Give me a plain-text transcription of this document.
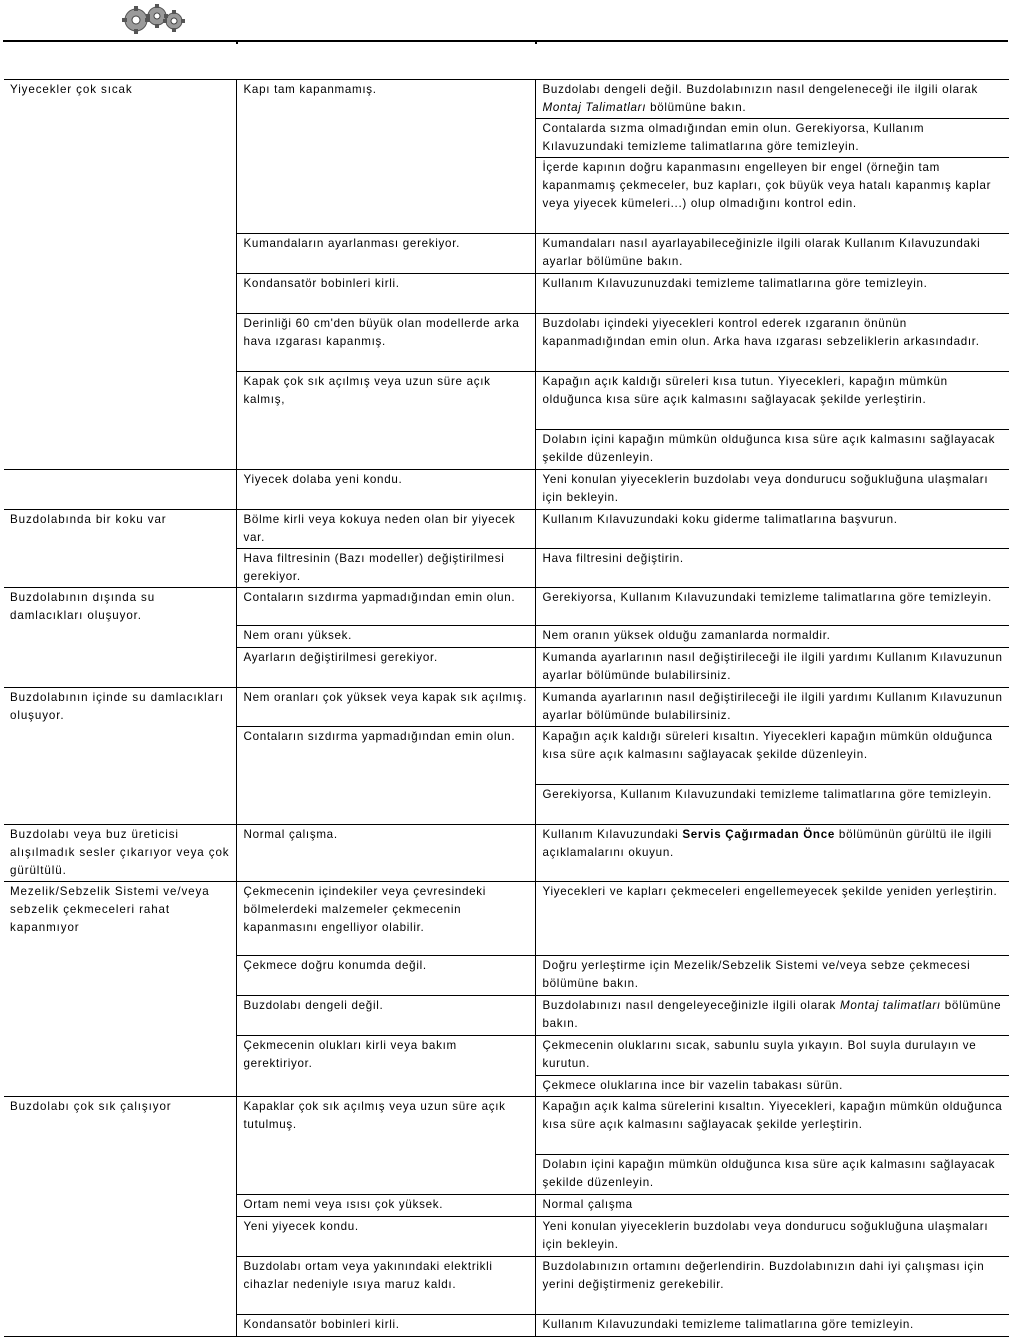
Yiyecekler çok sıcak	Kapı tam kapanmamış.	Buzdolabı dengeli değil. Buzdolabınızın nasıl dengeleneceği ile ilgili olarak Montaj Talimatları bölümüne bakın.
		Contalarda sızma olmadığından emin olun. Gerekiyorsa, Kullanım Kılavuzundaki temizleme talimatlarına göre temizleyin.
		İçerde kapının doğru kapanmasını engelleyen bir engel (örneğin tam kapanmamış çekmeceler, buz kapları, çok büyük veya hatalı kapanmış kaplar veya yiyecek kümeleri...) olup olmadığını kontrol edin.
	Kumandaların ayarlanması gerekiyor.	Kumandaları nasıl ayarlayabileceğinizle ilgili olarak Kullanım Kılavuzundaki ayarlar bölümüne bakın.
	Kondansatör bobinleri kirli.	Kullanım Kılavuzunuzdaki temizleme talimatlarına göre temizleyin.
	Derinliği 60 cm'den büyük olan modellerde arka hava ızgarası kapanmış.	Buzdolabı içindeki yiyecekleri kontrol ederek ızgaranın önünün kapanmadığından emin olun. Arka hava ızgarası sebzeliklerin arkasındadır.
	Kapak çok sık açılmış veya uzun süre açık kalmış,	Kapağın açık kaldığı süreleri kısa tutun. Yiyecekleri, kapağın mümkün olduğunca kısa süre açık kalmasını sağlayacak şekilde yerleştirin.
		Dolabın içini kapağın mümkün olduğunca kısa süre açık kalmasını sağlayacak şekilde düzenleyin.
	Yiyecek dolaba yeni kondu.	Yeni konulan yiyeceklerin buzdolabı veya dondurucu soğukluğuna ulaşmaları için bekleyin.
Buzdolabında bir koku var	Bölme kirli veya kokuya neden olan bir yiyecek var.	Kullanım Kılavuzundaki koku giderme talimatlarına başvurun.
	Hava filtresinin (Bazı modeller) değiştirilmesi gerekiyor.	Hava filtresini değiştirin.
Buzdolabının dışında su damlacıkları oluşuyor.	Contaların sızdırma yapmadığından emin olun.	Gerekiyorsa, Kullanım Kılavuzundaki temizleme talimatlarına göre temizleyin.
	Nem oranı yüksek.	Nem oranın yüksek olduğu zamanlarda normaldir.
	Ayarların değiştirilmesi gerekiyor.	Kumanda ayarlarının nasıl değiştirileceği ile ilgili yardımı Kullanım Kılavuzunun ayarlar bölümünde bulabilirsiniz.
Buzdolabının içinde su damlacıkları oluşuyor.	Nem oranları çok yüksek veya kapak sık açılmış.	Kumanda ayarlarının nasıl değiştirileceği ile ilgili yardımı Kullanım Kılavuzunun ayarlar bölümünde bulabilirsiniz.
	Contaların sızdırma yapmadığından emin olun.	Kapağın açık kaldığı süreleri kısaltın. Yiyecekleri kapağın mümkün olduğunca kısa süre açık kalmasını sağlayacak şekilde düzenleyin.
		Gerekiyorsa, Kullanım Kılavuzundaki temizleme talimatlarına göre temizleyin.
Buzdolabı veya buz üreticisi alışılmadık sesler çıkarıyor veya çok gürültülü.	Normal çalışma.	Kullanım Kılavuzundaki Servis Çağırmadan Önce bölümünün gürültü ile ilgili açıklamalarını okuyun.
Mezelik/Sebzelik Sistemi ve/veya sebzelik çekmeceleri rahat kapanmıyor	Çekmecenin içindekiler veya çevresindeki bölmelerdeki malzemeler çekmecenin kapanmasını engelliyor olabilir.	Yiyecekleri ve kapları çekmeceleri engellemeyecek şekilde yeniden yerleştirin.
	Çekmece doğru konumda değil.	Doğru yerleştirme için Mezelik/Sebzelik Sistemi ve/veya sebze çekmecesi bölümüne bakın.
	Buzdolabı dengeli değil.	Buzdolabınızı nasıl dengeleyeceğinizle ilgili olarak Montaj talimatları bölümüne bakın.
	Çekmecenin olukları kirli veya bakım gerektiriyor.	Çekmecenin oluklarını sıcak, sabunlu suyla yıkayın. Bol suyla durulayın ve kurutun.
		Çekmece oluklarına ince bir vazelin tabakası sürün.
Buzdolabı çok sık çalışıyor	Kapaklar çok sık açılmış veya uzun süre açık tutulmuş.	Kapağın açık kalma sürelerini kısaltın. Yiyecekleri, kapağın mümkün olduğunca kısa süre açık kalmasını sağlayacak şekilde yerleştirin.
		Dolabın içini kapağın mümkün olduğunca kısa süre açık kalmasını sağlayacak şekilde düzenleyin.
	Ortam nemi veya ısısı çok yüksek.	Normal çalışma
	Yeni yiyecek kondu.	Yeni konulan yiyeceklerin buzdolabı veya dondurucu soğukluğuna ulaşmaları için bekleyin.
	Buzdolabı ortam veya yakınındaki elektrikli cihazlar nedeniyle ısıya maruz kaldı.	Buzdolabınızın ortamını değerlendirin. Buzdolabınızın dahi iyi çalışması için yerini değiştirmeniz gerekebilir.
	Kondansatör bobinleri kirli.	Kullanım Kılavuzundaki temizleme talimatlarına göre temizleyin.
